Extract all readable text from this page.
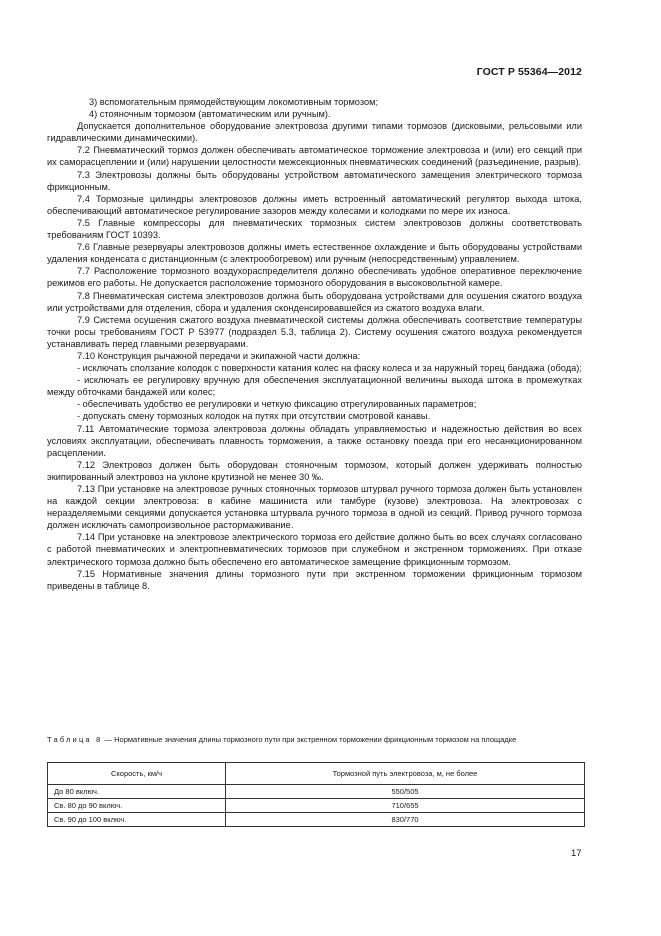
ГОСТ Р 55364—2012

3) вспомогательным прямодействующим локомотивным тормозом;

4) стояночным тормозом (автоматическим или ручным).

Допускается дополнительное оборудование электровоза другими типами тормозов (дисковыми, рельсовыми или гидравлическими динамическими).

7.2 Пневматический тормоз должен обеспечивать автоматическое торможение электровоза и (или) его секций при их саморасцеплении и (или) нарушении целостности межсекционных пневматических соединений (разъединение, разрыв).

7.3 Электровозы должны быть оборудованы устройством автоматического замещения электрического тормоза фрикционным.

7.4 Тормозные цилиндры электровозов должны иметь встроенный автоматический регулятор выхода штока, обеспечивающий автоматическое регулирование зазоров между колесами и колодками по мере их износа.

7.5 Главные компрессоры для пневматических тормозных систем электровозов должны соответствовать требованиям ГОСТ 10393.

7.6 Главные резервуары электровозов должны иметь естественное охлаждение и быть оборудованы устройствами удаления конденсата с дистанционным (с электрообогревом) или ручным (непосредственным) управлением.

7.7 Расположение тормозного воздухораспределителя должно обеспечивать удобное оперативное переключение режимов его работы. Не допускается расположение тормозного оборудования в высоковольтной камере.

7.8 Пневматическая система электровозов должна быть оборудована устройствами для осушения сжатого воздуха или устройствами для отделения, сбора и удаления сконденсировавшейся из сжатого воздуха влаги.

7.9 Система осушения сжатого воздуха пневматической системы должна обеспечивать соответствие температуры точки росы требованиям ГОСТ Р 53977 (подраздел 5.3, таблица 2). Систему осушения сжатого воздуха рекомендуется устанавливать перед главными резервуарами.

7.10 Конструкция рычажной передачи и экипажной части должна:

- исключать сползание колодок с поверхности катания колес на фаску колеса и за наружный торец бандажа (обода);

- исключать ее регулировку вручную для обеспечения эксплуатационной величины выхода штока в промежутках между обточками бандажей или колес;

- обеспечивать удобство ее регулировки и четкую фиксацию отрегулированных параметров;

- допускать смену тормозных колодок на путях при отсутствии смотровой канавы.

7.11 Автоматические тормоза электровоза должны обладать управляемостью и надежностью действия во всех условиях эксплуатации, обеспечивать плавность торможения, а также остановку поезда при его несанкционированном расцеплении.

7.12 Электровоз должен быть оборудован стояночным тормозом, который должен удерживать полностью экипированный электровоз на уклоне крутизной не менее 30 ‰.

7.13 При установке на электровозе ручных стояночных тормозов штурвал ручного тормоза должен быть установлен на каждой секции электровоза: в кабине машиниста или тамбуре (кузове) электровоза. На электровозах с неразделяемыми секциями допускается установка штурвала ручного тормоза в одной из секций. Привод ручного тормоза должен исключать самопроизвольное растормаживание.

7.14 При установке на электровозе электрического тормоза его действие должно быть во всех случаях согласовано с работой пневматических и электропневматических тормозов при служебном и экстренном торможениях. При отказе электрического тормоза должно быть обеспечено его автоматическое замещение фрикционным тормозом.

7.15 Нормативные значения длины тормозного пути при экстренном торможении фрикционным тормозом приведены в таблице 8.

Таблица 8 — Нормативные значения длины тормозного пути при экстренном торможении фрикционным тормозом на площадке
Скорость, км/ч	Тормозной путь электровоза, м, не более
До 80 включ.	550/505
Св. 80 до 90 включ.	710/655
Св. 90 до 100 включ.	830/770
17
